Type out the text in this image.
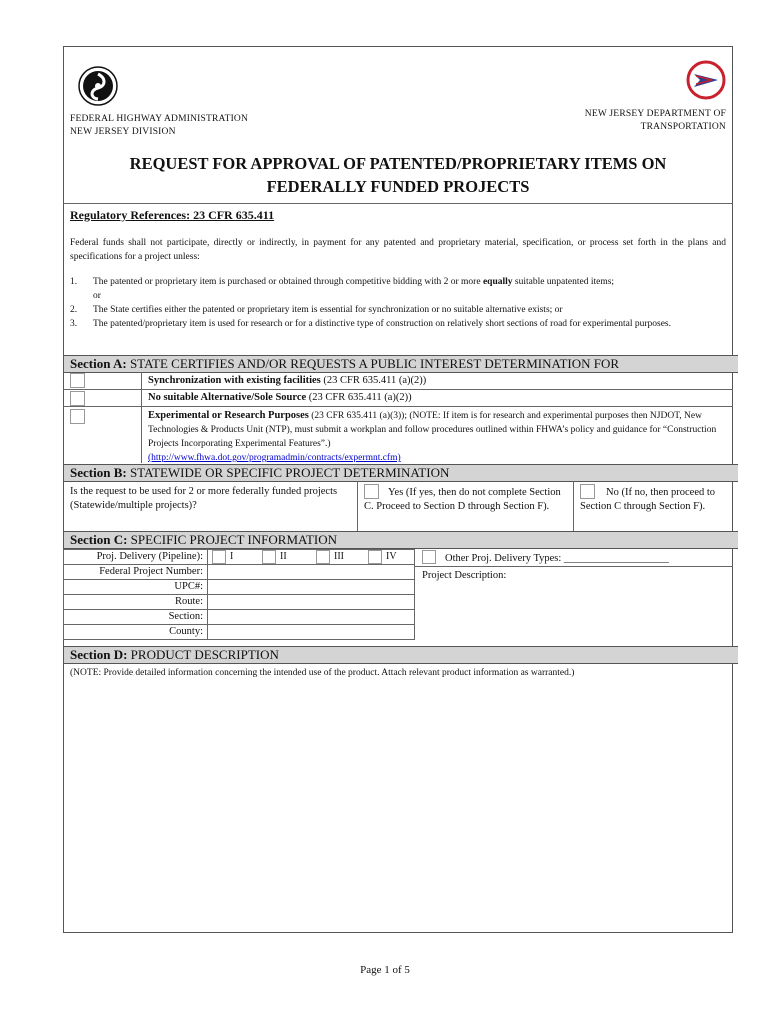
FEDERAL HIGHWAY ADMINISTRATION
NEW JERSEY DIVISION
NEW JERSEY DEPARTMENT OF
TRANSPORTATION
REQUEST FOR APPROVAL OF PATENTED/PROPRIETARY ITEMS ON
FEDERALLY FUNDED PROJECTS
Regulatory References: 23 CFR 635.411
Federal funds shall not participate, directly or indirectly, in payment for any patented and proprietary material, specification, or process set forth in the plans and specifications for a project unless:
1.	The patented or proprietary item is purchased or obtained through competitive bidding with 2 or more equally suitable unpatented items;
or
2.	The State certifies either the patented or proprietary item is essential for synchronization or no suitable alternative exists; or
3.	The patented/proprietary item is used for research or for a distinctive type of construction on relatively short sections of road for experimental purposes.
Section A: STATE CERTIFIES AND/OR REQUESTS A PUBLIC INTEREST DETERMINATION FOR
Synchronization with existing facilities (23 CFR 635.411 (a)(2))
No suitable Alternative/Sole Source (23 CFR 635.411 (a)(2))
Experimental or Research Purposes (23 CFR 635.411 (a)(3)); (NOTE: If item is for research and experimental purposes then NJDOT, New Technologies & Products Unit (NTP), must submit a workplan and follow procedures outlined within FHWA’s policy and guidance for “Construction Projects Incorporating Experimental Features”.)
(http://www.fhwa.dot.gov/programadmin/contracts/expermnt.cfm)
Section B: STATEWIDE OR SPECIFIC PROJECT DETERMINATION
Is the request to be used for 2 or more federally funded projects (Statewide/multiple projects)?
Yes (If yes, then do not complete Section C. Proceed to Section D through Section F).
No (If no, then proceed to Section C through Section F).
Section C: SPECIFIC PROJECT INFORMATION
Proj. Delivery (Pipeline):	I II III IV

Federal Project Number:	
UPC#:	
Route:	
Section:	
County:	
Other Proj. Delivery Types: ____________________
Project Description:
Section D: PRODUCT DESCRIPTION
(NOTE: Provide detailed information concerning the intended use of the product. Attach relevant product information as warranted.)
Page 1 of 5
